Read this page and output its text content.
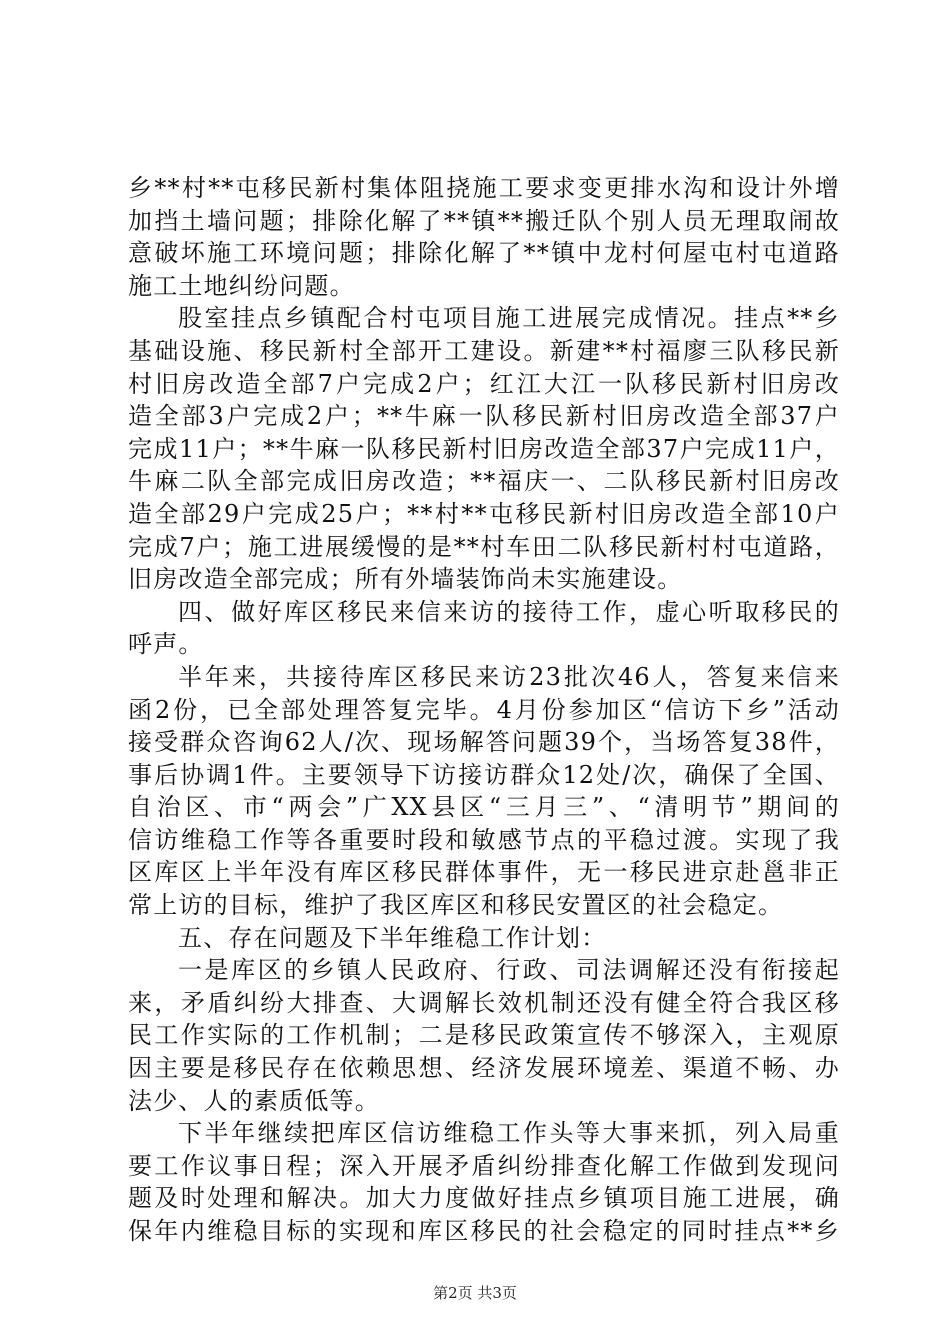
乡**村**屯移民新村集体阻挠施工要求变更排水沟和设计外增
加挡土墙问题；排除化解了**镇**搬迁队个别人员无理取闹故
意破坏施工环境问题；排除化解了**镇中龙村何屋屯村屯道路
施工土地纠纷问题。
股室挂点乡镇配合村屯项目施工进展完成情况。挂点**乡
基础设施、移民新村全部开工建设。新建**村福廖三队移民新
村旧房改造全部7户完成2户；红江大江一队移民新村旧房改
造全部3户完成2户；**牛麻一队移民新村旧房改造全部37户
完成11户；**牛麻一队移民新村旧房改造全部37户完成11户，
牛麻二队全部完成旧房改造；**福庆一、二队移民新村旧房改
造全部29户完成25户；**村**屯移民新村旧房改造全部10户
完成7户；施工进展缓慢的是**村车田二队移民新村村屯道路，
旧房改造全部完成；所有外墙装饰尚未实施建设。
四、做好库区移民来信来访的接待工作，虚心听取移民的
呼声。
半年来，共接待库区移民来访23批次46人，答复来信来
函2份，已全部处理答复完毕。4月份参加区“信访下乡”活动
接受群众咨询62人/次、现场解答问题39个，当场答复38件，
事后协调1件。主要领导下访接访群众12处/次，确保了全国、
自治区、市“两会”广XX县区“三月三”、“清明节”期间的
信访维稳工作等各重要时段和敏感节点的平稳过渡。实现了我
区库区上半年没有库区移民群体事件，无一移民进京赴邕非正
常上访的目标，维护了我区库区和移民安置区的社会稳定。
五、存在问题及下半年维稳工作计划：
一是库区的乡镇人民政府、行政、司法调解还没有衔接起
来，矛盾纠纷大排查、大调解长效机制还没有健全符合我区移
民工作实际的工作机制；二是移民政策宣传不够深入，主观原
因主要是移民存在依赖思想、经济发展环境差、渠道不畅、办
法少、人的素质低等。
下半年继续把库区信访维稳工作头等大事来抓，列入局重
要工作议事日程；深入开展矛盾纠纷排查化解工作做到发现问
题及时处理和解决。加大力度做好挂点乡镇项目施工进展，确
保年内维稳目标的实现和库区移民的社会稳定的同时挂点**乡
第2页 共3页
